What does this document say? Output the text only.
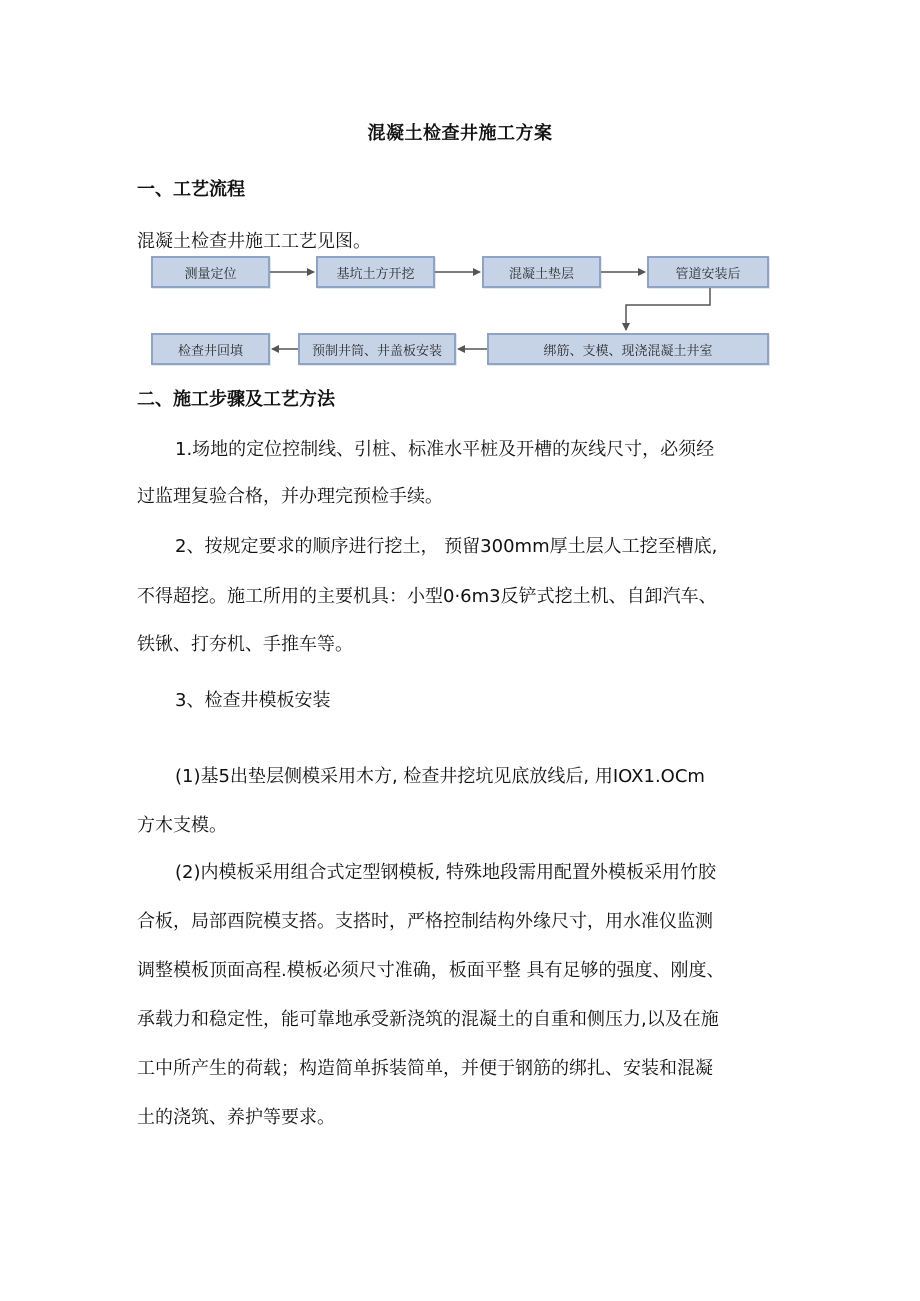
混凝土检查井施工方案
一、工艺流程
混凝土检查井施工工艺见图。
测量定位	基坑土方开挖	混凝土垫层	管道安装后
检查井回填	预制井筒、井盖板安装	绑筋、支模、现浇混凝土井室
二、施工步骤及工艺方法
1.场地的定位控制线、引桩、标准水平桩及开槽的灰线尺寸，必须经
过监理复验合格，并办理完预检手续。
2、按规定要求的顺序进行挖土， 预留300mm厚土层人工挖至槽底,
不得超挖。施工所用的主要机具：小型0·6m3反铲式挖土机、自卸汽车、
铁锹、打夯机、手推车等。
3、检查井模板安装
(1)基5出垫层侧模采用木方, 检查井挖坑见底放线后, 用IOX1.OCm
方木支模。
(2)内模板采用组合式定型钢模板, 特殊地段需用配置外模板采用竹胶
合板，局部酉院模支搭。支搭时，严格控制结构外缘尺寸，用水准仪监测
调整模板顶面高程.模板必须尺寸准确，板面平整 具有足够的强度、刚度、
承载力和稳定性，能可靠地承受新浇筑的混凝土的自重和侧压力,以及在施
工中所产生的荷载；构造简单拆装简单，并便于钢筋的绑扎、安装和混凝
土的浇筑、养护等要求。
